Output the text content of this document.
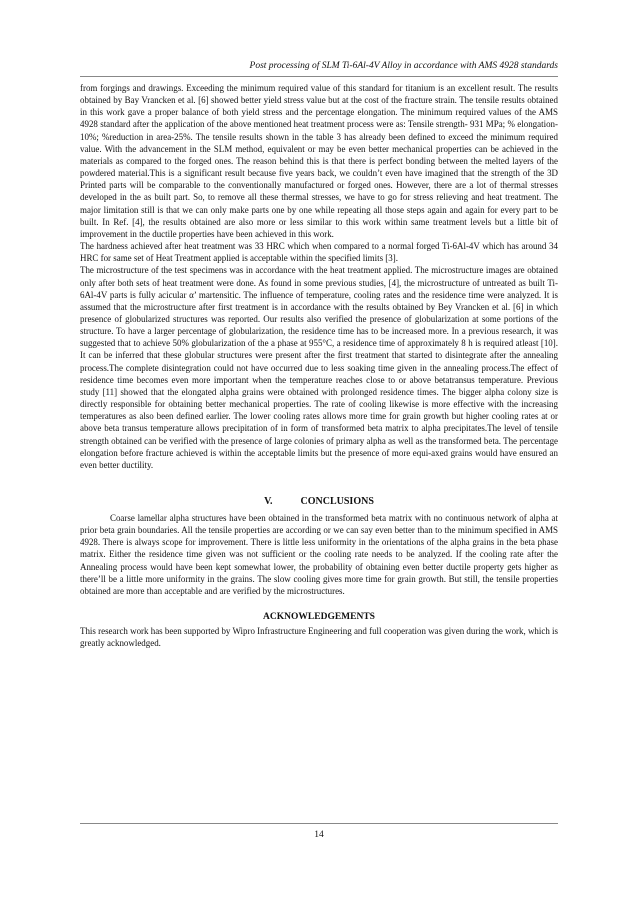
Post processing of SLM Ti-6Al-4V Alloy in accordance with AMS 4928 standards

from forgings and drawings. Exceeding the minimum required value of this standard for titanium is an excellent result. The results obtained by Bay Vrancken et al. [6] showed better yield stress value but at the cost of the fracture strain. The tensile results obtained in this work gave a proper balance of both yield stress and the percentage elongation. The minimum required values of the AMS 4928 standard after the application of the above mentioned heat treatment process were as: Tensile strength- 931 MPa; % elongation-10%; %reduction in area-25%. The tensile results shown in the table 3 has already been defined to exceed the minimum required value. With the advancement in the SLM method, equivalent or may be even better mechanical properties can be achieved in the materials as compared to the forged ones. The reason behind this is that there is perfect bonding between the melted layers of the powdered material.This is a significant result because five years back, we couldn’t even have imagined that the strength of the 3D Printed parts will be comparable to the conventionally manufactured or forged ones. However, there are a lot of thermal stresses developed in the as built part. So, to remove all these thermal stresses, we have to go for stress relieving and heat treatment. The major limitation still is that we can only make parts one by one while repeating all those steps again and again for every part to be built. In Ref. [4], the results obtained are also more or less similar to this work within same treatment levels but a little bit of improvement in the ductile properties have been achieved in this work.

The hardness achieved after heat treatment was 33 HRC which when compared to a normal forged Ti-6Al-4V which has around 34 HRC for same set of Heat Treatment applied is acceptable within the specified limits [3].

The microstructure of the test specimens was in accordance with the heat treatment applied. The microstructure images are obtained only after both sets of heat treatment were done. As found in some previous studies, [4], the microstructure of untreated as built Ti-6Al-4V parts is fully acicular α’ martensitic. The influence of temperature, cooling rates and the residence time were analyzed. It is assumed that the microstructure after first treatment is in accordance with the results obtained by Bey Vrancken et al. [6] in which presence of globularized structures was reported. Our results also verified the presence of globularization at some portions of the structure. To have a larger percentage of globularization, the residence time has to be increased more. In a previous research, it was suggested that to achieve 50% globularization of the a phase at 955°C, a residence time of approximately 8 h is required atleast [10]. It can be inferred that these globular structures were present after the first treatment that started to disintegrate after the annealing process.The complete disintegration could not have occurred due to less soaking time given in the annealing process.The effect of residence time becomes even more important when the temperature reaches close to or above betatransus temperature. Previous study [11] showed that the elongated alpha grains were obtained with prolonged residence times. The bigger alpha colony size is directly responsible for obtaining better mechanical properties. The rate of cooling likewise is more effective with the increasing temperatures as also been defined earlier. The lower cooling rates allows more time for grain growth but higher cooling rates at or above beta transus temperature allows precipitation of in form of transformed beta matrix to alpha precipitates.The level of tensile strength obtained can be verified with the presence of large colonies of primary alpha as well as the transformed beta. The percentage elongation before fracture achieved is within the acceptable limits but the presence of more equi-axed grains would have ensured an even better ductility.

V.	CONCLUSIONS

Coarse lamellar alpha structures have been obtained in the transformed beta matrix with no continuous network of alpha at prior beta grain boundaries. All the tensile properties are according or we can say even better than to the minimum specified in AMS 4928. There is always scope for improvement. There is little less uniformity in the orientations of the alpha grains in the beta phase matrix. Either the residence time given was not sufficient or the cooling rate needs to be analyzed. If the cooling rate after the Annealing process would have been kept somewhat lower, the probability of obtaining even better ductile property gets higher as there’ll be a little more uniformity in the grains. The slow cooling gives more time for grain growth. But still, the tensile properties obtained are more than acceptable and are verified by the microstructures.

ACKNOWLEDGEMENTS

This research work has been supported by Wipro Infrastructure Engineering and full cooperation was given during the work, which is greatly acknowledged.

14
